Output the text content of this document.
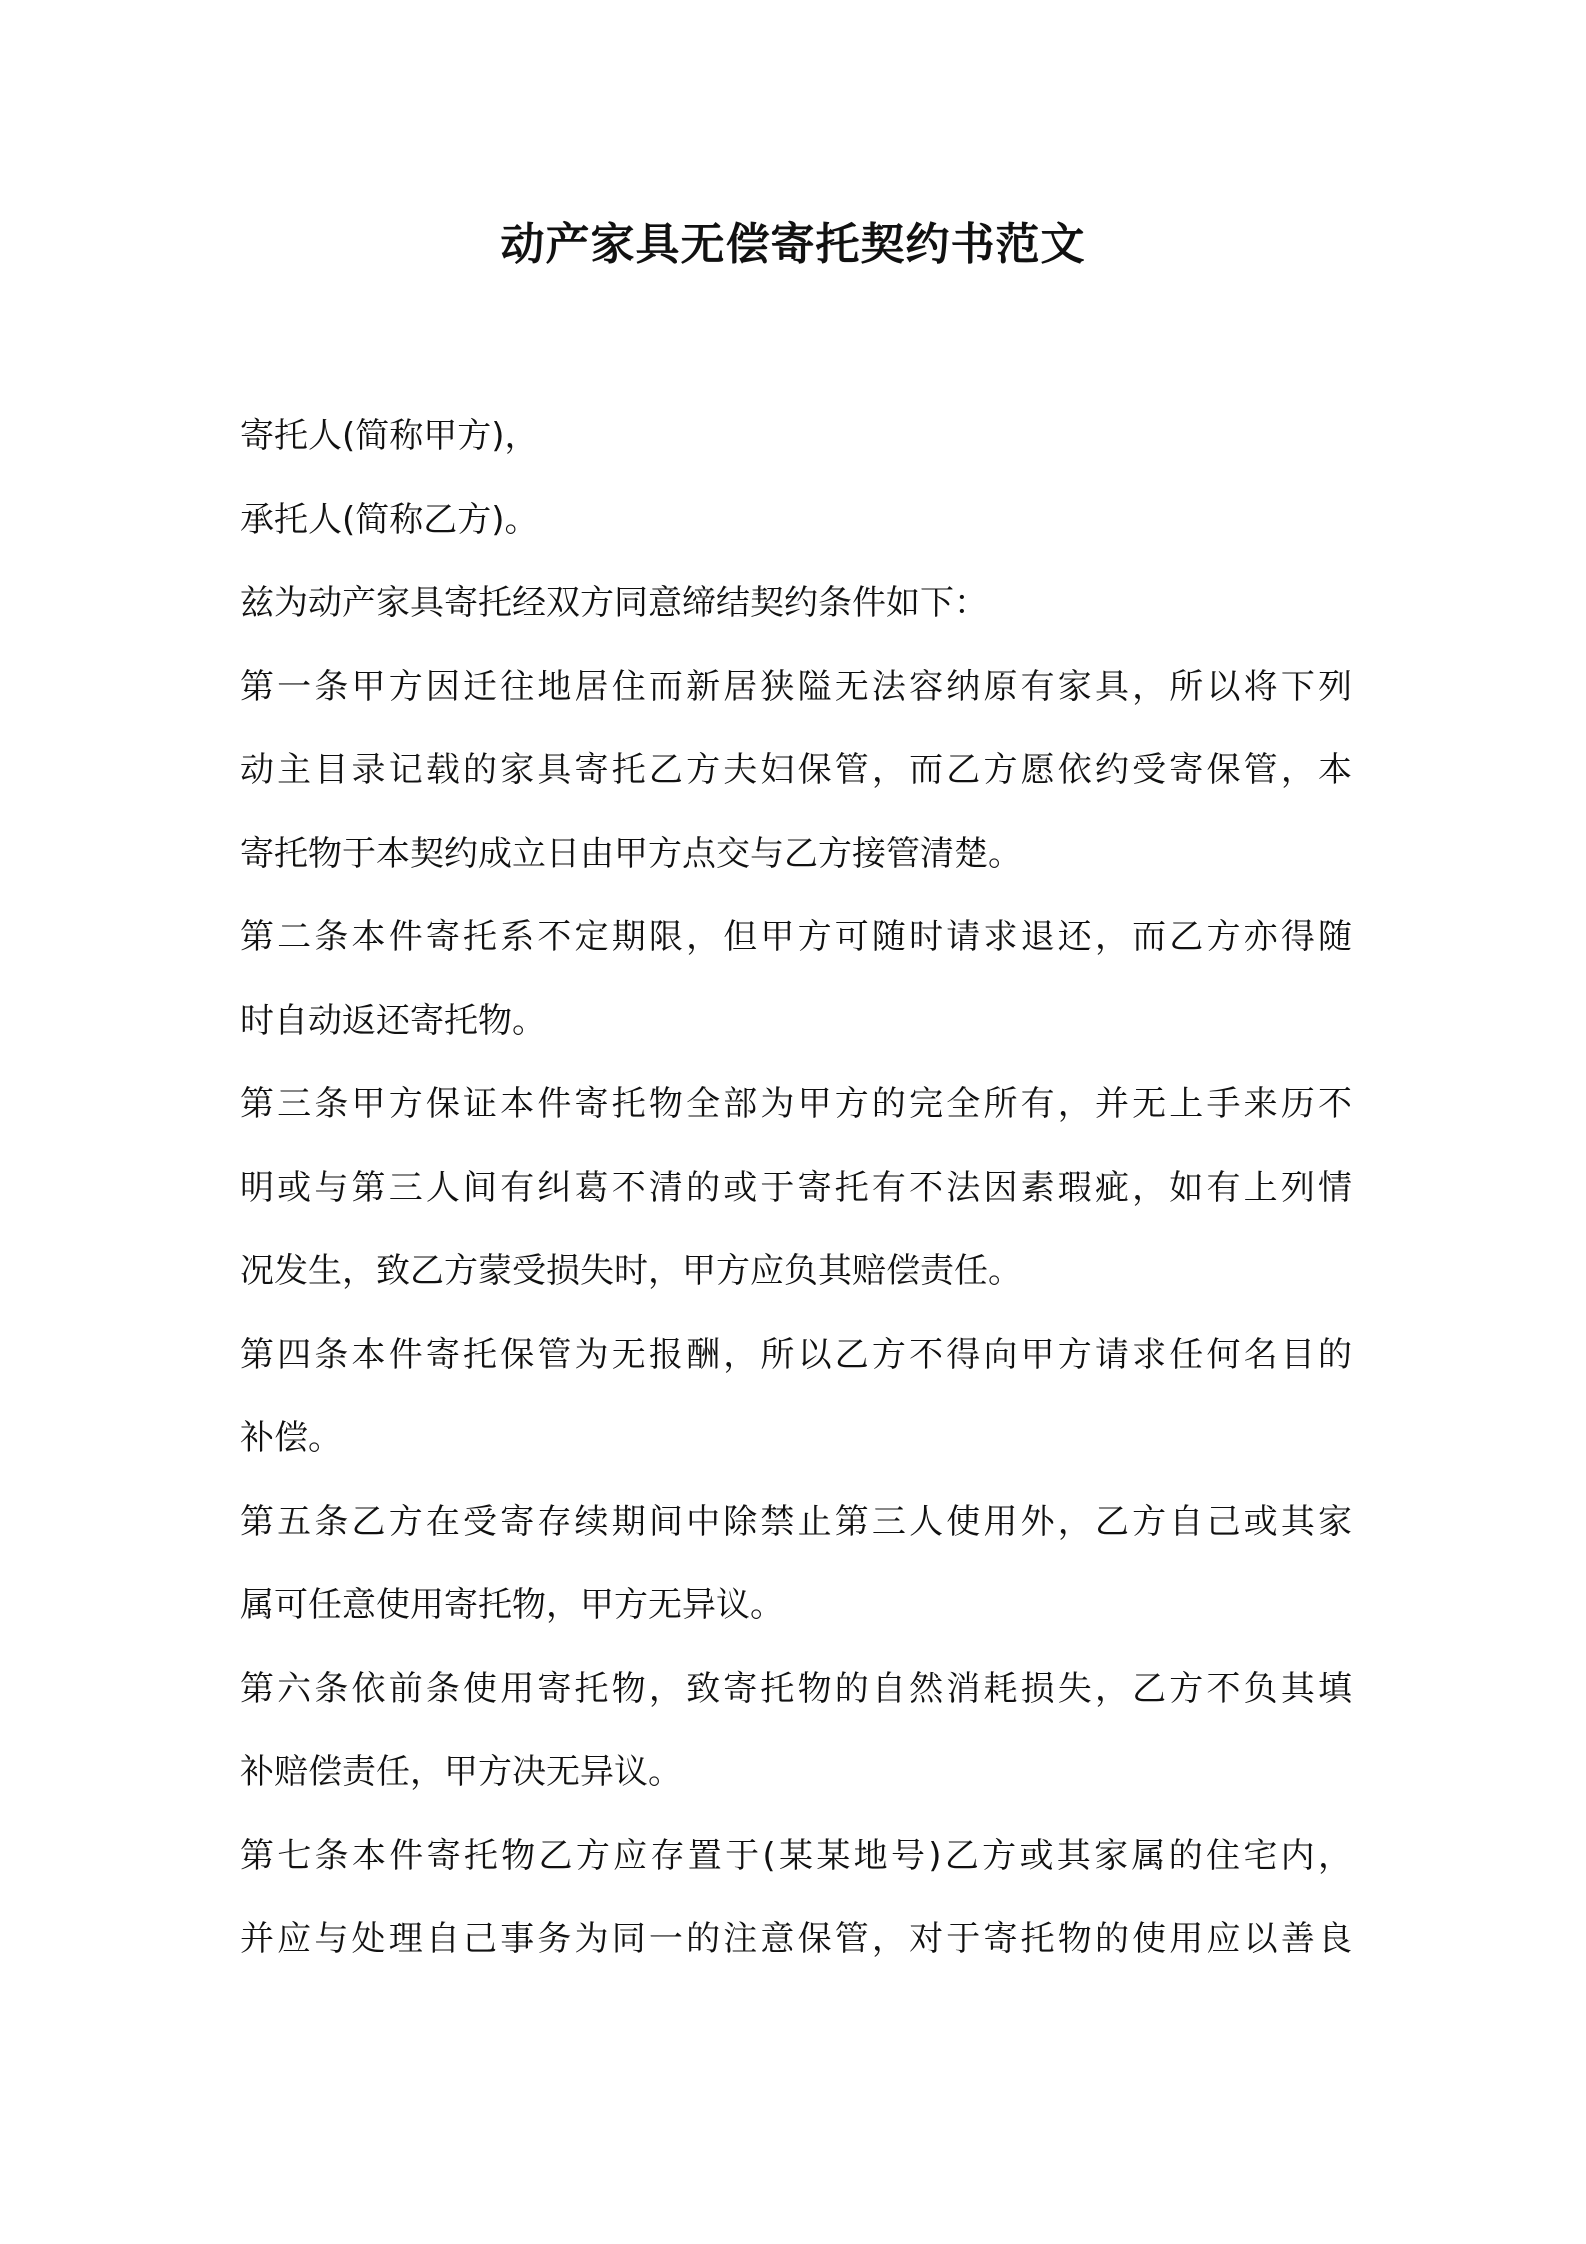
动产家具无偿寄托契约书范文
寄托人(简称甲方)，
承托人(简称乙方)。
兹为动产家具寄托经双方同意缔结契约条件如下：
第一条甲方因迁往地居住而新居狭隘无法容纳原有家具，所以将下列
动主目录记载的家具寄托乙方夫妇保管，而乙方愿依约受寄保管，本
寄托物于本契约成立日由甲方点交与乙方接管清楚。
第二条本件寄托系不定期限，但甲方可随时请求退还，而乙方亦得随
时自动返还寄托物。
第三条甲方保证本件寄托物全部为甲方的完全所有，并无上手来历不
明或与第三人间有纠葛不清的或于寄托有不法因素瑕疵，如有上列情
况发生，致乙方蒙受损失时，甲方应负其赔偿责任。
第四条本件寄托保管为无报酬，所以乙方不得向甲方请求任何名目的
补偿。
第五条乙方在受寄存续期间中除禁止第三人使用外，乙方自己或其家
属可任意使用寄托物，甲方无异议。
第六条依前条使用寄托物，致寄托物的自然消耗损失，乙方不负其填
补赔偿责任，甲方决无异议。
第七条本件寄托物乙方应存置于(某某地号)乙方或其家属的住宅内，
并应与处理自己事务为同一的注意保管，对于寄托物的使用应以善良
